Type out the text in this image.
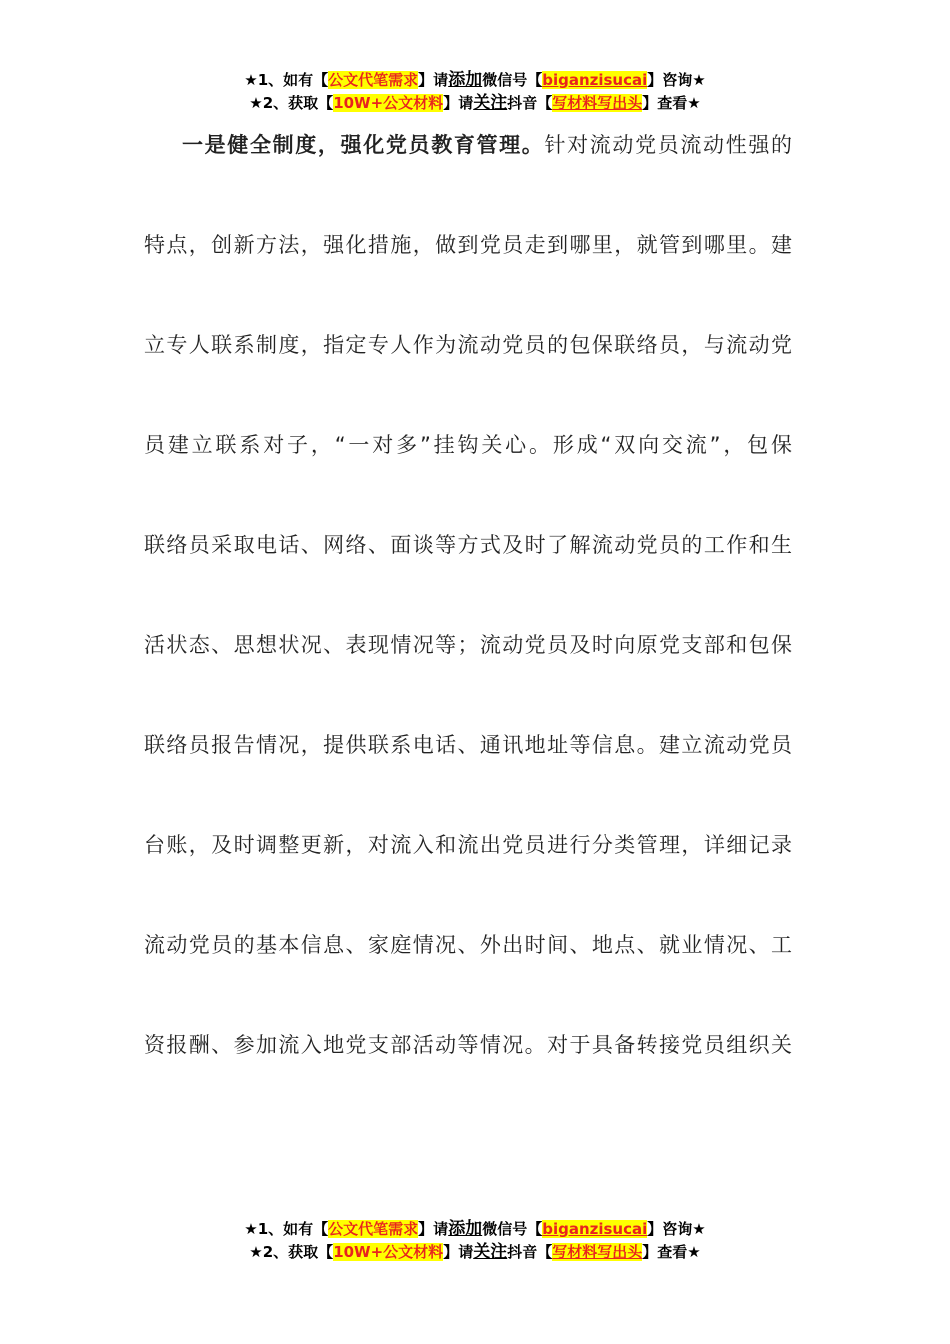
★1、如有【公文代笔需求】请添加微信号【biganzisucai】咨询★
★2、获取【10W+公文材料】请关注抖音【写材料写出头】查看★
一是健全制度，强化党员教育管理。针对流动党员流动性强的
特点，创新方法，强化措施，做到党员走到哪里，就管到哪里。建
立专人联系制度，指定专人作为流动党员的包保联络员，与流动党
员建立联系对子，“一对多”挂钩关心。形成“双向交流”，包保
联络员采取电话、网络、面谈等方式及时了解流动党员的工作和生
活状态、思想状况、表现情况等；流动党员及时向原党支部和包保
联络员报告情况，提供联系电话、通讯地址等信息。建立流动党员
台账，及时调整更新，对流入和流出党员进行分类管理，详细记录
流动党员的基本信息、家庭情况、外出时间、地点、就业情况、工
资报酬、参加流入地党支部活动等情况。对于具备转接党员组织关
★1、如有【公文代笔需求】请添加微信号【biganzisucai】咨询★
★2、获取【10W+公文材料】请关注抖音【写材料写出头】查看★
